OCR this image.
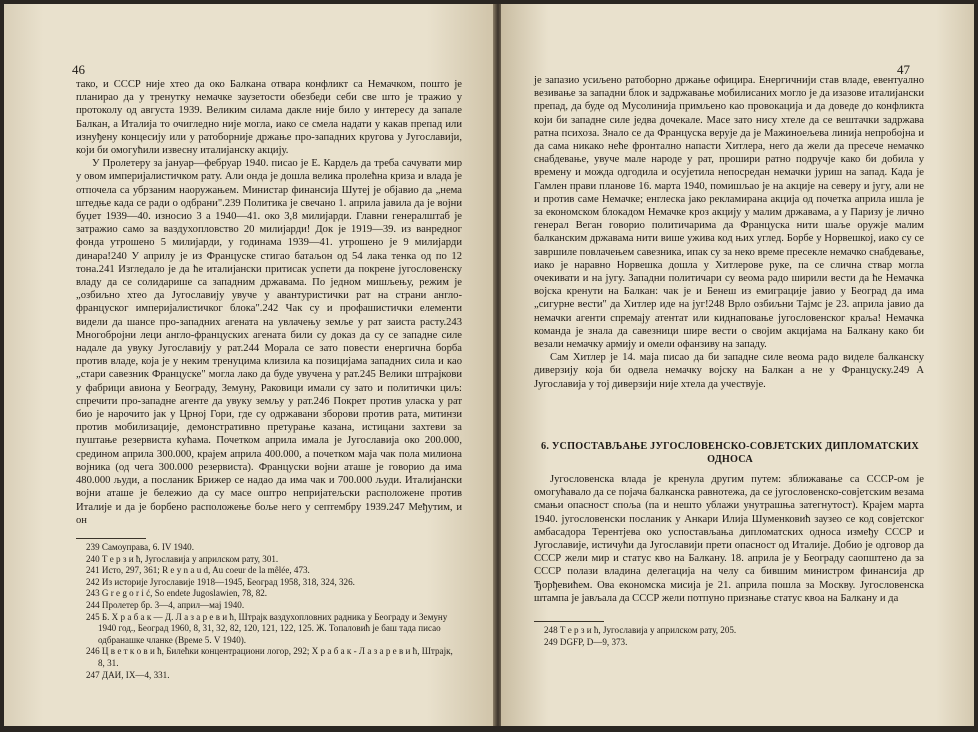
46

тако, и СССР није хтео да око Балкана отвара конфликт са Немачком, пошто је планирао да у тренутку немачке заузетости обезбеди себи све што је тражио у протоколу од августа 1939. Великим силама дакле није било у интересу да запале Балкан, а Италија то очигледно није могла, иако се смела надати у какав препад или изнуђену концесију или у ратоборније држање про-западних кругова у Југославији, који би омогућили извесну италијанску акцију.

У Пролетеру за јануар—фебруар 1940. писао је Е. Кардељ да треба сачувати мир у овом империјалистичком рату. Али онда је дошла велика пролећна криза и влада је отпочела са убрзаним наоружањем. Министар финансија Шутеј је објавио да „нема штедње када се ради о одбрани".239 Политика је свечано 1. априла јавила да је војни буџет 1939—40. износио 3 а 1940—41. око 3,8 милијарди. Главни генералштаб је затражио само за ваздухопловство 20 милијарди! Док је 1919—39. из ванредног фонда утрошено 5 милијарди, у годинама 1939—41. утрошено је 9 милијарди динара!240 У априлу је из Француске стигао батаљон од 54 лака тенка од по 12 тона.241 Изгледало је да ће италијански притисак успети да покрене југословенску владу да се солидарише са западним државама. По једном мишљењу, режим је „озбиљно хтео да Југославију увуче у авантуристички рат на страни англо-француског империјалистичког блока".242 Чак су и профашистички елементи видели да шансе про-западних агената на увлачењу земље у рат заиста расту.243 Многобројни леци англо-француских агената били су доказ да су се западне силе надале да увуку Југославију у рат.244 Морала се зато повести енергична борба против владе, која је у неким тренуцима клизила ка позицијама западних сила и као „стари савезник Француске" могла лако да буде увучена у рат.245 Велики штрајкови у фабрици авиона у Београду, Земуну, Раковици имали су зато и политички циљ: спречити про-западне агенте да увуку земљу у рат.246 Покрет против уласка у рат био је нарочито јак у Црној Гори, где су одржавани зборови против рата, митинзи против мобилизације, демонстративно претурање казана, истицани захтеви за пуштање резервиста кућама. Почетком априла имала је Југославија око 200.000, средином априла 300.000, крајем априла 400.000, а почетком маја чак пола милиона војника (од чега 300.000 резервиста). Француски војни аташе је говорио да има 480.000 људи, а посланик Брижер се надао да има чак и 700.000 људи. Италијански војни аташе је бележио да су масе оштро непријатељски расположене против Италије и да је борбено расположење боље него у септембру 1939.247 Међутим, и он

239 Самоуправа, 6. IV 1940.
240 Т е р з и ћ, Југославија у априлском рату, 301.
241 Исто, 297, 361; R e y n a u d, Au coeur de la mêlée, 473.
242 Из историје Југославије 1918—1945, Београд 1958, 318, 324, 326.
243 G r e g o r i ć, So endete Jugoslawien, 78, 82.
244 Пролетер бр. 3—4, април—мај 1940.
245 Б. Х р а б а к — Д. Л а з а р е в и ћ, Штрајк ваздухопловних радника у Београду и Земуну 1940 год., Београд 1960, 8, 31, 32, 82, 120, 121, 122, 125. Ж. Топаловић је баш тада писао одбранашке чланке (Време 5. V 1940).
246 Ц в е т к о в и ћ, Билећки концентрациони логор, 292; Х р а б а к - Л а з а р е в и ћ, Штрајк, 8, 31.
247 ДАИ, IX—4, 331.
47

је запазио усиљено ратоборно држање официра. Енергичнији став владе, евентуално везивање за западни блок и задржавање мобилисаних могло је да изазове италијански препад, да буде од Мусолинија примљено као провокација и да доведе до конфликта који би западне силе једва дочекале. Масе зато нису хтеле да се вештачки задржава ратна психоза. Знало се да Француска верује да је Мажиноељева линија непробојна и да сама никако неће фронтално напасти Хитлера, него да жели да пресече немачко снабдевање, увуче мале народе у рат, прошири ратно подручје како би добила у времену и можда одгодила и осујетила непосредан немачки јуриш на запад. Када је Гамлен прави планове 16. марта 1940, помишљао је на акције на северу и југу, али не и против саме Немачке; енглеска јако рекламирана акција од почетка априла ишла је за економском блокадом Немачке кроз акцију у малим државама, а у Паризу је лично генерал Веган говорио политичарима да Француска нити шаље оружје малим балканским државама нити више ужива код њих углед. Борбе у Норвешкој, иако су се завршиле повлачењем савезника, ипак су за неко време пресекле немачко снабдевање, иако је наравно Норвешка дошла у Хитлерове руке, па се слична ствар могла очекивати и на југу. Западни политичари су веома радо ширили вести да ће Немачка војска кренути на Балкан: чак је и Бенеш из емиграције јавио у Београд да има „сигурне вести" да Хитлер иде на југ!248 Врло озбиљни Тајмс је 23. априла јавио да немачки агенти спремају атентат или киднаповање југословенског краља! Немачка команда је знала да савезници шире вести о својим акцијама на Балкану како би везали немачку армију и омели офанзиву на западу.

Сам Хитлер је 14. маја писао да би западне силе веома радо виделе балканску диверзију која би одвела немачку војску на Балкан а не у Француску.249 А Југославија у тој диверзији није хтела да учествује.

6. УСПОСТАВЉАЊЕ ЈУГОСЛОВЕНСКО-СОВЈЕТСКИХ ДИПЛОМАТСКИХ
ОДНОСА

Југословенска влада је кренула другим путем: зближавање са СССР-ом је омогућавало да се појача балканска равнотежа, да се југословенско-совјетским везама смањи опасност споља (па и нешто ублажи унутрашња затегнутост). Крајем марта 1940. југословенски посланик у Анкари Илија Шуменковић заузео се код совјетског амбасадора Терентјева око успостављања дипломатских односа између СССР и Југославије, истичући да Југославији прети опасност од Италије. Добио је одговор да СССР жели мир и статус кво на Балкану. 18. априла је у Београду саопштено да за СССР полази владина делегација на челу са бившим министром финансија др Ђорђевићем. Ова економска мисија је 21. априла пошла за Москву. Југословенска штампа је јављала да СССР жели потпуно признање статус квоа на Балкану и да

248 Т е р з и ћ, Југославија у априлском рату, 205.
249 DGFP, D—9, 373.
